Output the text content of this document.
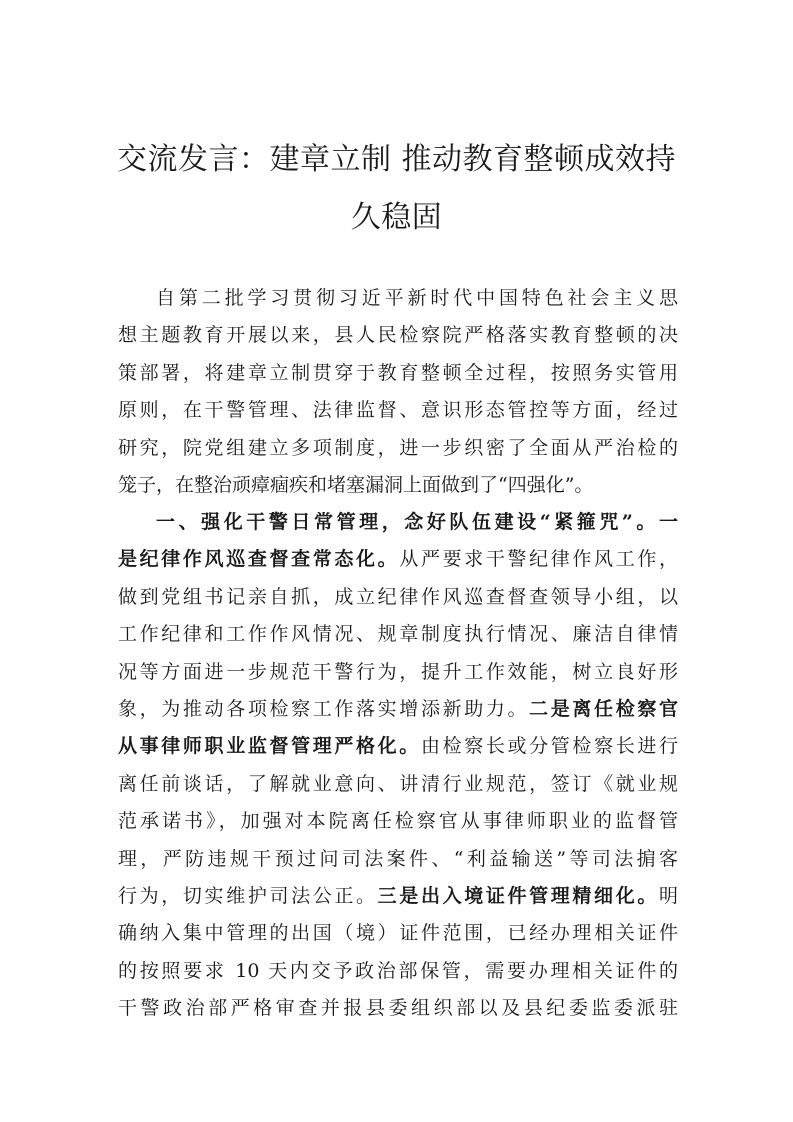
交流发言：建章立制 推动教育整顿成效持
久稳固
自第二批学习贯彻习近平新时代中国特色社会主义思
想主题教育开展以来，县人民检察院严格落实教育整顿的决
策部署，将建章立制贯穿于教育整顿全过程，按照务实管用
原则，在干警管理、法律监督、意识形态管控等方面，经过
研究，院党组建立多项制度，进一步织密了全面从严治检的
笼子，在整治顽瘴痼疾和堵塞漏洞上面做到了“四强化”。
一、强化干警日常管理，念好队伍建设“紧箍咒”。一
是纪律作风巡查督查常态化。从严要求干警纪律作风工作，
做到党组书记亲自抓，成立纪律作风巡查督查领导小组，以
工作纪律和工作作风情况、规章制度执行情况、廉洁自律情
况等方面进一步规范干警行为，提升工作效能，树立良好形
象，为推动各项检察工作落实增添新助力。二是离任检察官
从事律师职业监督管理严格化。由检察长或分管检察长进行
离任前谈话，了解就业意向、讲清行业规范，签订《就业规
范承诺书》，加强对本院离任检察官从事律师职业的监督管
理，严防违规干预过问司法案件、“利益输送”等司法掮客
行为，切实维护司法公正。三是出入境证件管理精细化。明
确纳入集中管理的出国（境）证件范围，已经办理相关证件
的按照要求 10 天内交予政治部保管，需要办理相关证件的
干警政治部严格审查并报县委组织部以及县纪委监委派驻
